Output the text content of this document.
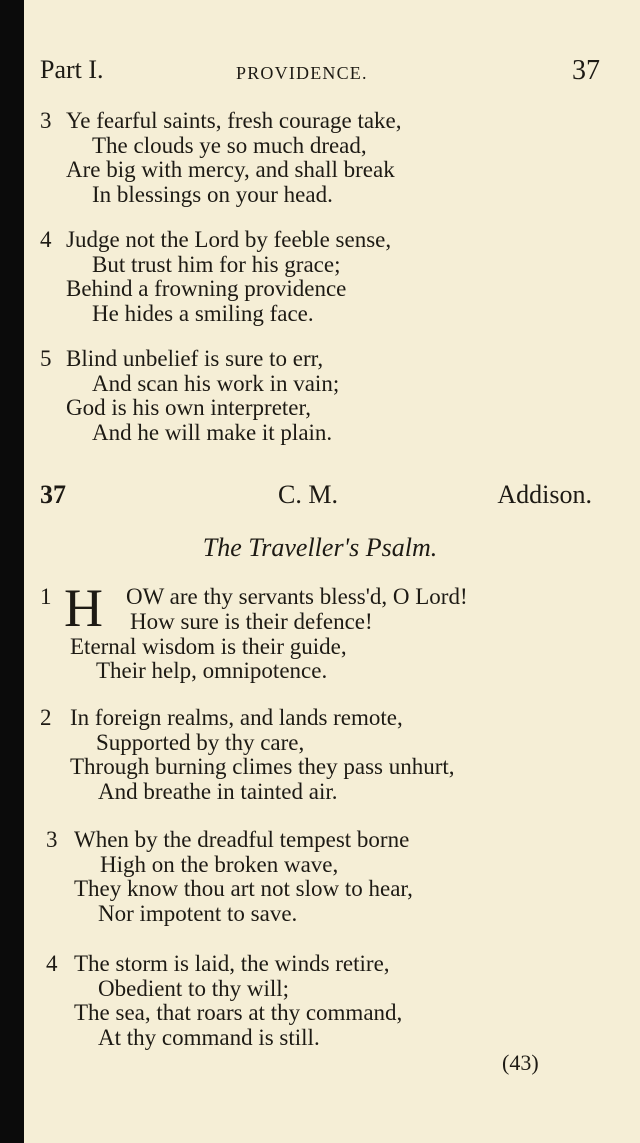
Part I.	PROVIDENCE.	37
3 Ye fearful saints, fresh courage take,
The clouds ye so much dread,
Are big with mercy, and shall break
In blessings on your head.
4 Judge not the Lord by feeble sense,
But trust him for his grace;
Behind a frowning providence
He hides a smiling face.
5 Blind unbelief is sure to err,
And scan his work in vain;
God is his own interpreter,
And he will make it plain.
37	C. M.	Addison.
The Traveller's Psalm.
1 H OW are thy servants bless'd, O Lord!
How sure is their defence!
Eternal wisdom is their guide,
Their help, omnipotence.
2 In foreign realms, and lands remote,
Supported by thy care,
Through burning climes they pass unhurt,
And breathe in tainted air.
3 When by the dreadful tempest borne
High on the broken wave,
They know thou art not slow to hear,
Nor impotent to save.
4 The storm is laid, the winds retire,
Obedient to thy will;
The sea, that roars at thy command,
At thy command is still.
(43)
